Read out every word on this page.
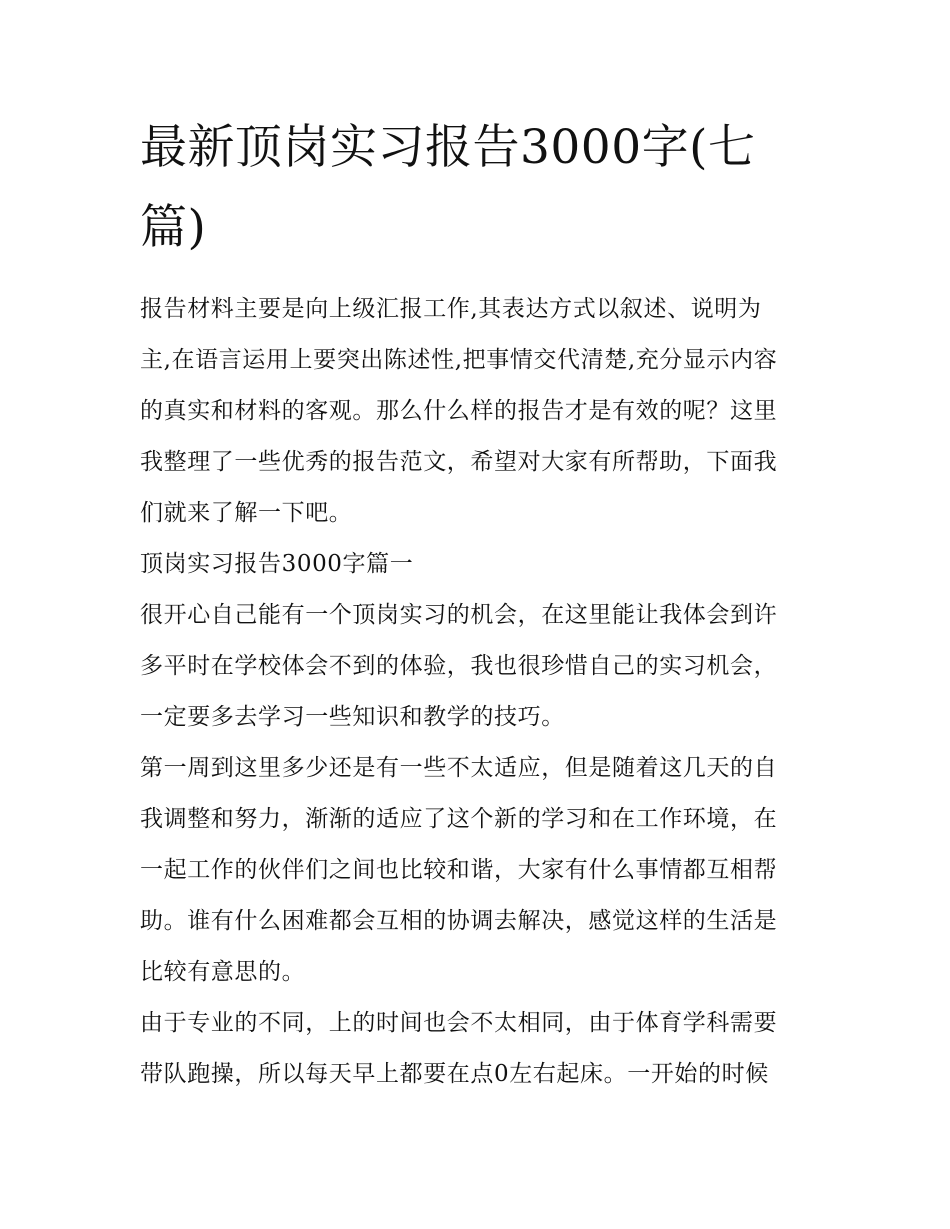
最新顶岗实习报告3000字(七
篇)

报告材料主要是向上级汇报工作,其表达方式以叙述、说明为
主,在语言运用上要突出陈述性,把事情交代清楚,充分显示内容
的真实和材料的客观。那么什么样的报告才是有效的呢？这里
我整理了一些优秀的报告范文，希望对大家有所帮助，下面我
们就来了解一下吧。

顶岗实习报告3000字篇一

很开心自己能有一个顶岗实习的机会，在这里能让我体会到许
多平时在学校体会不到的体验，我也很珍惜自己的实习机会，
一定要多去学习一些知识和教学的技巧。

第一周到这里多少还是有一些不太适应，但是随着这几天的自
我调整和努力，渐渐的适应了这个新的学习和在工作环境，在
一起工作的伙伴们之间也比较和谐，大家有什么事情都互相帮
助。谁有什么困难都会互相的协调去解决，感觉这样的生活是
比较有意思的。

由于专业的不同，上的时间也会不太相同，由于体育学科需要
带队跑操，所以每天早上都要在点0左右起床。一开始的时候
